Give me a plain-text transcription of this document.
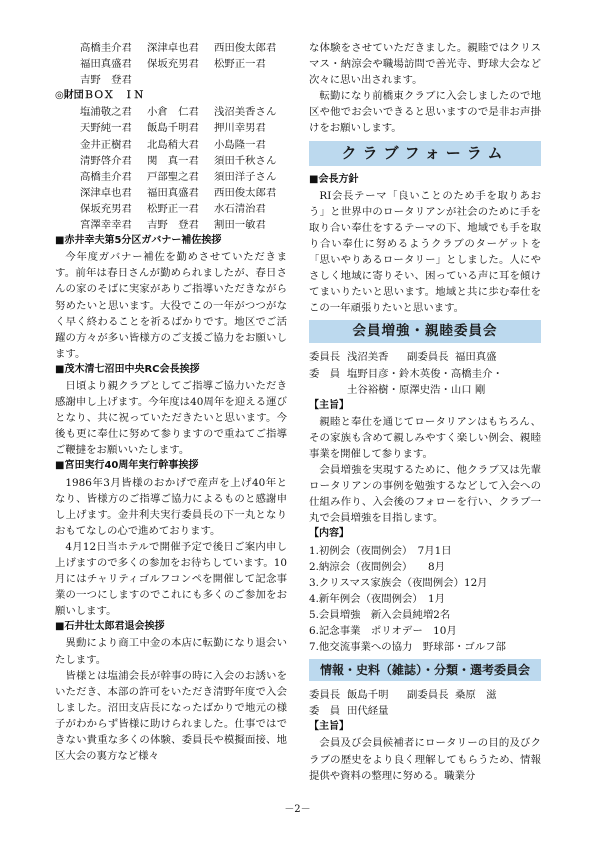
高橋圭介君	深津卓也君	西田俊太郎君
福田真盛君	保坂充男君	松野正一君
吉野　登君
◎財団ＢＯＸ　ＩＮ
塩浦敬之君	小倉　仁君	浅沼美香さん
天野純一君	飯島千明君	押川幸男君
金井正樹君	北島稍大君	小島隆一君
清野啓介君	関　真一君	須田千秋さん
高橋圭介君	戸部聖之君	須田洋子さん
深津卓也君	福田真盛君	西田俊太郎君
保坂充男君	松野正一君	水石清治君
宮澤幸幸君	吉野　登君	割田一敏君
■赤井幸夫第5分区ガバナー補佐挨拶
今年度ガバナー補佐を勤めさせていただきます。前年は春日さんが勤められましたが、春日さんの家のそばに実家がありご指導いただきながら努めたいと思います。大役でこの一年がつつがなく早く終わることを祈るばかりです。地区でご活躍の方々が多い皆様方のご支援ご協力をお願いします。
■茂木清七沼田中央RC会長挨拶
日頃より親クラブとしてご指導ご協力いただき感謝申し上げます。今年度は40周年を迎える運びとなり、共に祝っていただきたいと思います。今後も更に奉仕に努めて参りますので重ねてご指導ご鞭撻をお願いいたします。
■宮田実行40周年実行幹事挨拶
1986年3月皆様のおかげで産声を上げ40年となり、皆様方のご指導ご協力によるものと感謝申し上げます。金井利夫実行委員長の下一丸となりおもてなしの心で進めております。
4月12日当ホテルで開催予定で後日ご案内申し上げますので多くの参加をお待ちしています。10月にはチャリティゴルフコンペを開催して記念事業の一つにしますのでこれにも多くのご参加をお願いします。
■石井壮太郎君退会挨拶
異動により商工中金の本店に転勤になり退会いたします。
皆様とは塩浦会長が幹事の時に入会のお誘いをいただき、本部の許可をいただき清野年度で入会しました。沼田支店長になったばかりで地元の様子がわからず皆様に助けられました。仕事ではできない貴重な多くの体験、委員長や模擬面接、地区大会の裏方など様々
な体験をさせていただきました。親睦ではクリスマス・納涼会や職場訪問で善光寺、野球大会など次々に思い出されます。
転勤になり前橋東クラブに入会しましたので地区や他でお会いできると思いますので是非お声掛けをお願いします。
クラブフォーラム
■会長方針
RI会長テーマ「良いことのため手を取りあおう」と世界中のロータリアンが社会のために手を取り合い奉仕をするテーマの下、地域でも手を取り合い奉仕に努めるようクラブのターゲットを「思いやりあるロータリー」としました。人にやさしく地域に寄りそい、困っている声に耳を傾けてまいりたいと思います。地域と共に歩む奉仕をこの一年頑張りたいと思います。
会員増強・親睦委員会
委員長 浅沼美香	副委員長 福田真盛
委　員 塩野目彦・鈴木英俊・高橋圭介・
土谷裕樹・原澤史浩・山口 剛
【主旨】
親睦と奉仕を通じてロータリアンはもちろん、その家族も含めて親しみやすく楽しい例会、親睦事業を開催して参ります。
会員増強を実現するために、他クラブ又は先輩ロータリアンの事例を勉強するなどして入会への仕組み作り、入会後のフォローを行い、クラブ一丸で会員増強を目指します。
【内容】
1.初例会（夜間例会）　7月1日
2.納涼会（夜間例会）　　8月
3.クリスマス家族会（夜間例会）12月
4.新年例会（夜間例会）　1月
5.会員増強　新入会員純増2名
6.記念事業　ポリオデー　10月
7.他交流事業への協力　野球部・ゴルフ部
情報・史料（雑誌）・分類・選考委員会
委員長 飯島千明	副委員長 桑原　滋
委　員 田代経量
【主旨】
会員及び会員候補者にロータリーの目的及びクラブの歴史をより良く理解してもらうため、情報提供や資料の整理に努める。職業分
－2－
